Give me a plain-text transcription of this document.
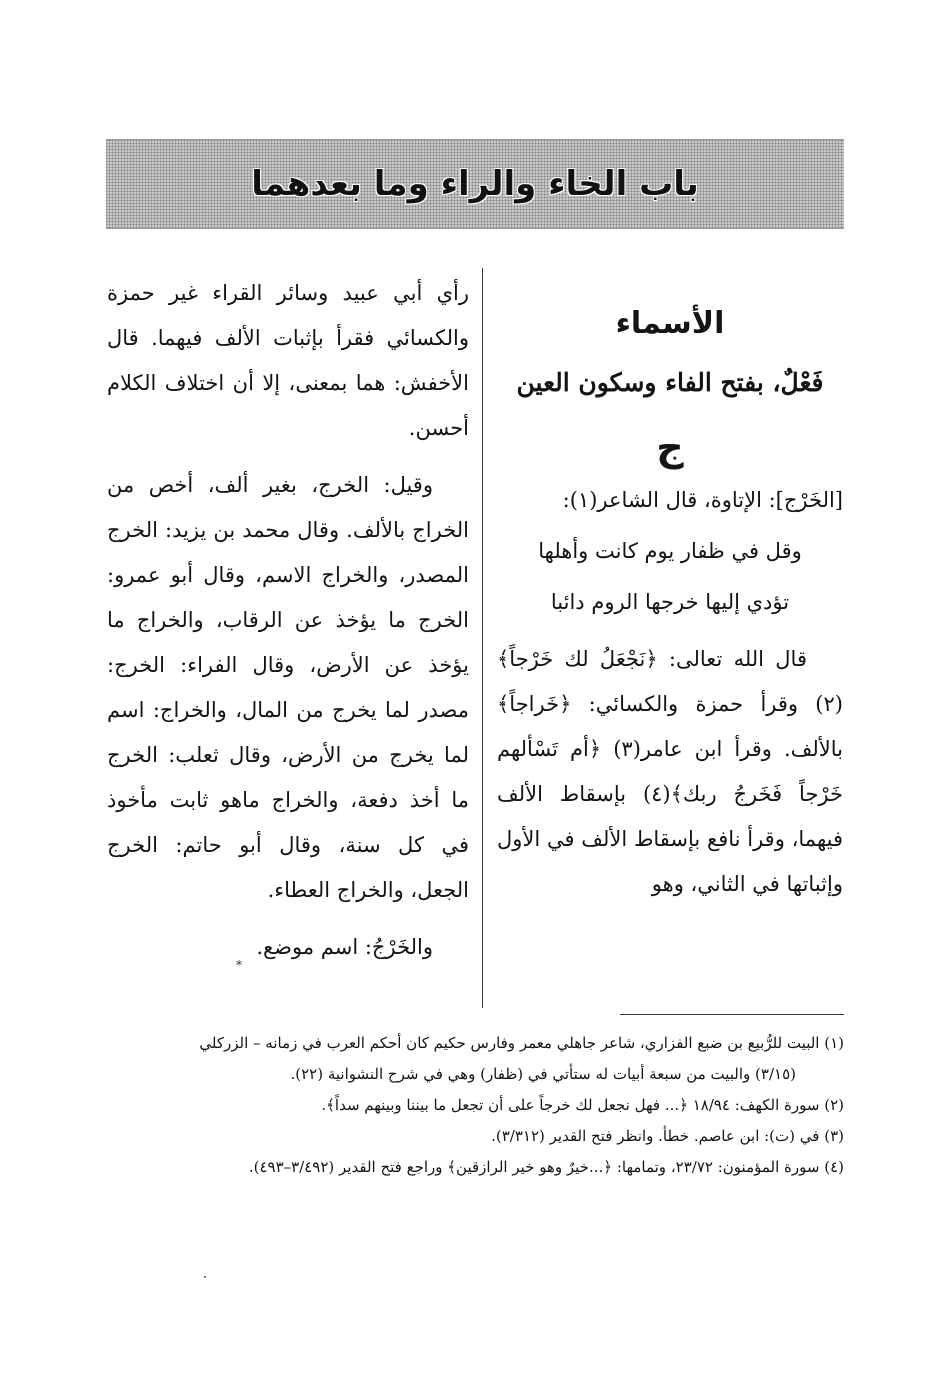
باب الخاء والراء وما بعدهما

الأسماء

فَعْلٌ، بفتح الفاء وسكون العين

ج

[الخَرْج]: الإتاوة، قال الشاعر(١):

وقل في ظفار يوم كانت وأهلها

تؤدي إليها خرجها الروم دائبا

قال الله تعالى: ﴿نَجْعَلُ لك خَرْجاً﴾(٢) وقرأ حمزة والكسائي: ﴿خَراجاً﴾ بالألف. وقرأ ابن عامر(٣) ﴿أم تَسْألهم خَرْجاً فَخَرجُ ربك﴾(٤) بإسقاط الألف فيهما، وقرأ نافع بإسقاط الألف في الأول وإثباتها في الثاني، وهو

رأي أبي عبيد وسائر القراء غير حمزة والكسائي فقرأ بإثبات الألف فيهما. قال الأخفش: هما بمعنى، إلا أن اختلاف الكلام أحسن.

وقيل: الخرج، بغير ألف، أخص من الخراج بالألف. وقال محمد بن يزيد: الخرج المصدر، والخراج الاسم، وقال أبو عمرو: الخرج ما يؤخذ عن الرقاب، والخراج ما يؤخذ عن الأرض، وقال الفراء: الخرج: مصدر لما يخرج من المال، والخراج: اسم لما يخرج من الأرض، وقال ثعلب: الخرج ما أخذ دفعة، والخراج ماهو ثابت مأخوذ في كل سنة، وقال أبو حاتم: الخرج الجعل، والخراج العطاء.

والخَرْجُ: اسم موضع.

*

(١) البيت للرُّبيع بن ضبع الفزاري، شاعر جاهلي معمر وفارس حكيم كان أحكم العرب في زمانه – الزركلي

(٣/١٥) والبيت من سبعة أبيات له ستأتي في (ظفار) وهي في شرح النشوانية (٢٢).

(٢) سورة الكهف: ١٨/٩٤ ﴿... فهل نجعل لك خرجاً على أن تجعل ما بيننا وبينهم سداً﴾.

(٣) في (ت): ابن عاصم. خطأ. وانظر فتح القدير (٣/٣١٢).

(٤) سورة المؤمنون: ٢٣/٧٢، وتمامها: ﴿...خيرٌ وهو خير الرازقين﴾ وراجع فتح القدير (٣/٤٩٢–٤٩٣).
